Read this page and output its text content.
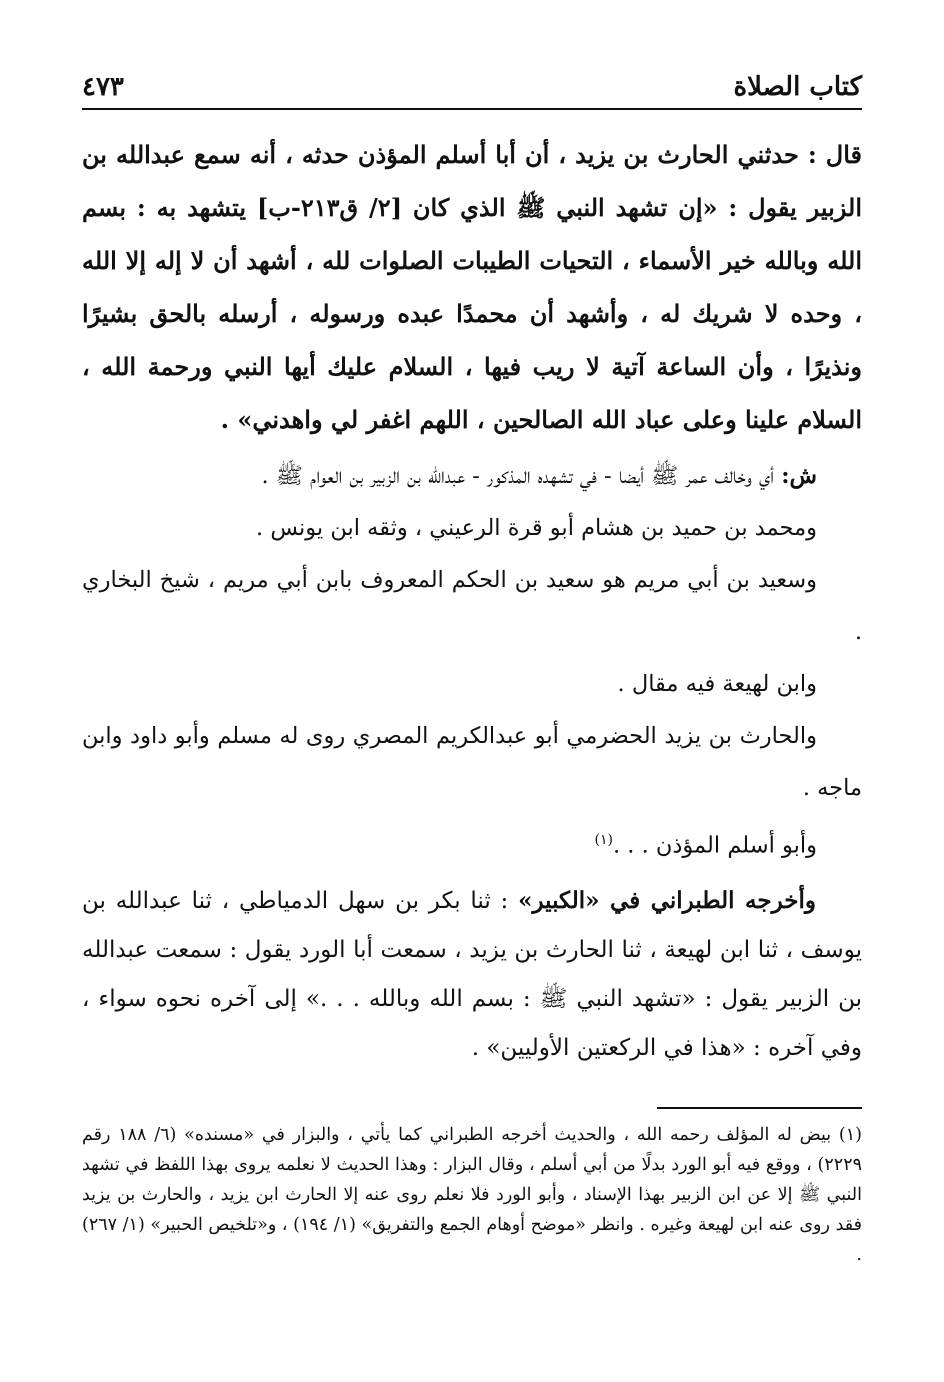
كتاب الصلاة
٤٧٣

قال : حدثني الحارث بن يزيد ، أن أبا أسلم المؤذن حدثه ، أنه سمع عبدالله بن الزبير يقول : «إن تشهد النبي ﷺ الذي كان [٢/ ق٢١٣-ب] يتشهد به : بسم الله وبالله خير الأسماء ، التحيات الطيبات الصلوات لله ، أشهد أن لا إله إلا الله ، وحده لا شريك له ، وأشهد أن محمدًا عبده ورسوله ، أرسله بالحق بشيرًا ونذيرًا ، وأن الساعة آتية لا ريب فيها ، السلام عليك أيها النبي ورحمة الله ، السلام علينا وعلى عباد الله الصالحين ، اللهم اغفر لي واهدني» .

ش: أي وخالف عمر ﷺ أيضا - في تشهده المذكور - عبدالله بن الزبير بن العوام ﷺ .

ومحمد بن حميد بن هشام أبو قرة الرعيني ، وثقه ابن يونس .

وسعيد بن أبي مريم هو سعيد بن الحكم المعروف بابن أبي مريم ، شيخ البخاري .

وابن لهيعة فيه مقال .

والحارث بن يزيد الحضرمي أبو عبدالكريم المصري روى له مسلم وأبو داود وابن ماجه .

وأبو أسلم المؤذن . . .$^{(١)}$

وأخرجه الطبراني في «الكبير» : ثنا بكر بن سهل الدمياطي ، ثنا عبدالله بن يوسف ، ثنا ابن لهيعة ، ثنا الحارث بن يزيد ، سمعت أبا الورد يقول : سمعت عبدالله بن الزبير يقول : «تشهد النبي ﷺ : بسم الله وبالله . . .» إلى آخره نحوه سواء ، وفي آخره : «هذا في الركعتين الأوليين» .

(١) بيض له المؤلف رحمه الله ، والحديث أخرجه الطبراني كما يأتي ، والبزار في «مسنده» (٦/ ١٨٨ رقم ٢٢٢٩) ، ووقع فيه أبو الورد بدلًا من أبي أسلم ، وقال البزار : وهذا الحديث لا نعلمه يروى بهذا اللفظ في تشهد النبي ﷺ إلا عن ابن الزبير بهذا الإسناد ، وأبو الورد فلا نعلم روى عنه إلا الحارث ابن يزيد ، والحارث بن يزيد فقد روى عنه ابن لهيعة وغيره . وانظر «موضح أوهام الجمع والتفريق» (١/ ١٩٤) ، و«تلخيص الحبير» (١/ ٢٦٧) .
